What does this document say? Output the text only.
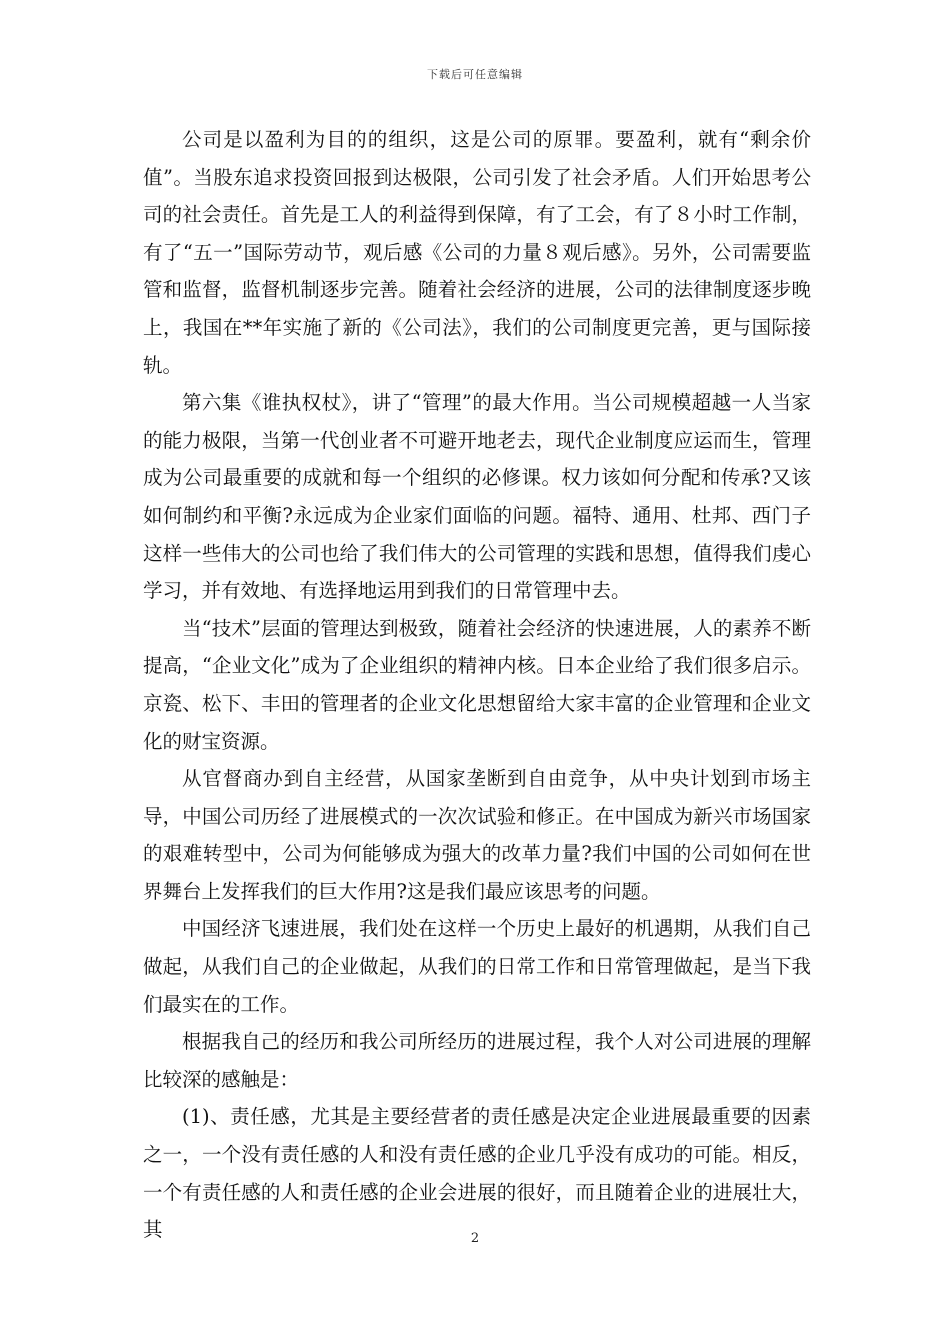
下载后可任意编辑

公司是以盈利为目的的组织，这是公司的原罪。要盈利，就有“剩余价值”。当股东追求投资回报到达极限，公司引发了社会矛盾。人们开始思考公司的社会责任。首先是工人的利益得到保障，有了工会，有了８小时工作制，有了“五一”国际劳动节，观后感《公司的力量８观后感》。另外，公司需要监管和监督，监督机制逐步完善。随着社会经济的进展，公司的法律制度逐步晚上，我国在**年实施了新的《公司法》，我们的公司制度更完善，更与国际接轨。

第六集《谁执权杖》，讲了“管理”的最大作用。当公司规模超越一人当家的能力极限，当第一代创业者不可避开地老去，现代企业制度应运而生，管理成为公司最重要的成就和每一个组织的必修课。权力该如何分配和传承?又该如何制约和平衡?永远成为企业家们面临的问题。福特、通用、杜邦、西门子这样一些伟大的公司也给了我们伟大的公司管理的实践和思想，值得我们虔心学习，并有效地、有选择地运用到我们的日常管理中去。

当“技术”层面的管理达到极致，随着社会经济的快速进展，人的素养不断提高，“企业文化”成为了企业组织的精神内核。日本企业给了我们很多启示。京瓷、松下、丰田的管理者的企业文化思想留给大家丰富的企业管理和企业文化的财宝资源。

从官督商办到自主经营，从国家垄断到自由竞争，从中央计划到市场主导，中国公司历经了进展模式的一次次试验和修正。在中国成为新兴市场国家的艰难转型中，公司为何能够成为强大的改革力量?我们中国的公司如何在世界舞台上发挥我们的巨大作用?这是我们最应该思考的问题。

中国经济飞速进展，我们处在这样一个历史上最好的机遇期，从我们自己做起，从我们自己的企业做起，从我们的日常工作和日常管理做起，是当下我们最实在的工作。

根据我自己的经历和我公司所经历的进展过程，我个人对公司进展的理解比较深的感触是：

(1)、责任感，尤其是主要经营者的责任感是决定企业进展最重要的因素之一，一个没有责任感的人和没有责任感的企业几乎没有成功的可能。相反，一个有责任感的人和责任感的企业会进展的很好，而且随着企业的进展壮大，其	2
